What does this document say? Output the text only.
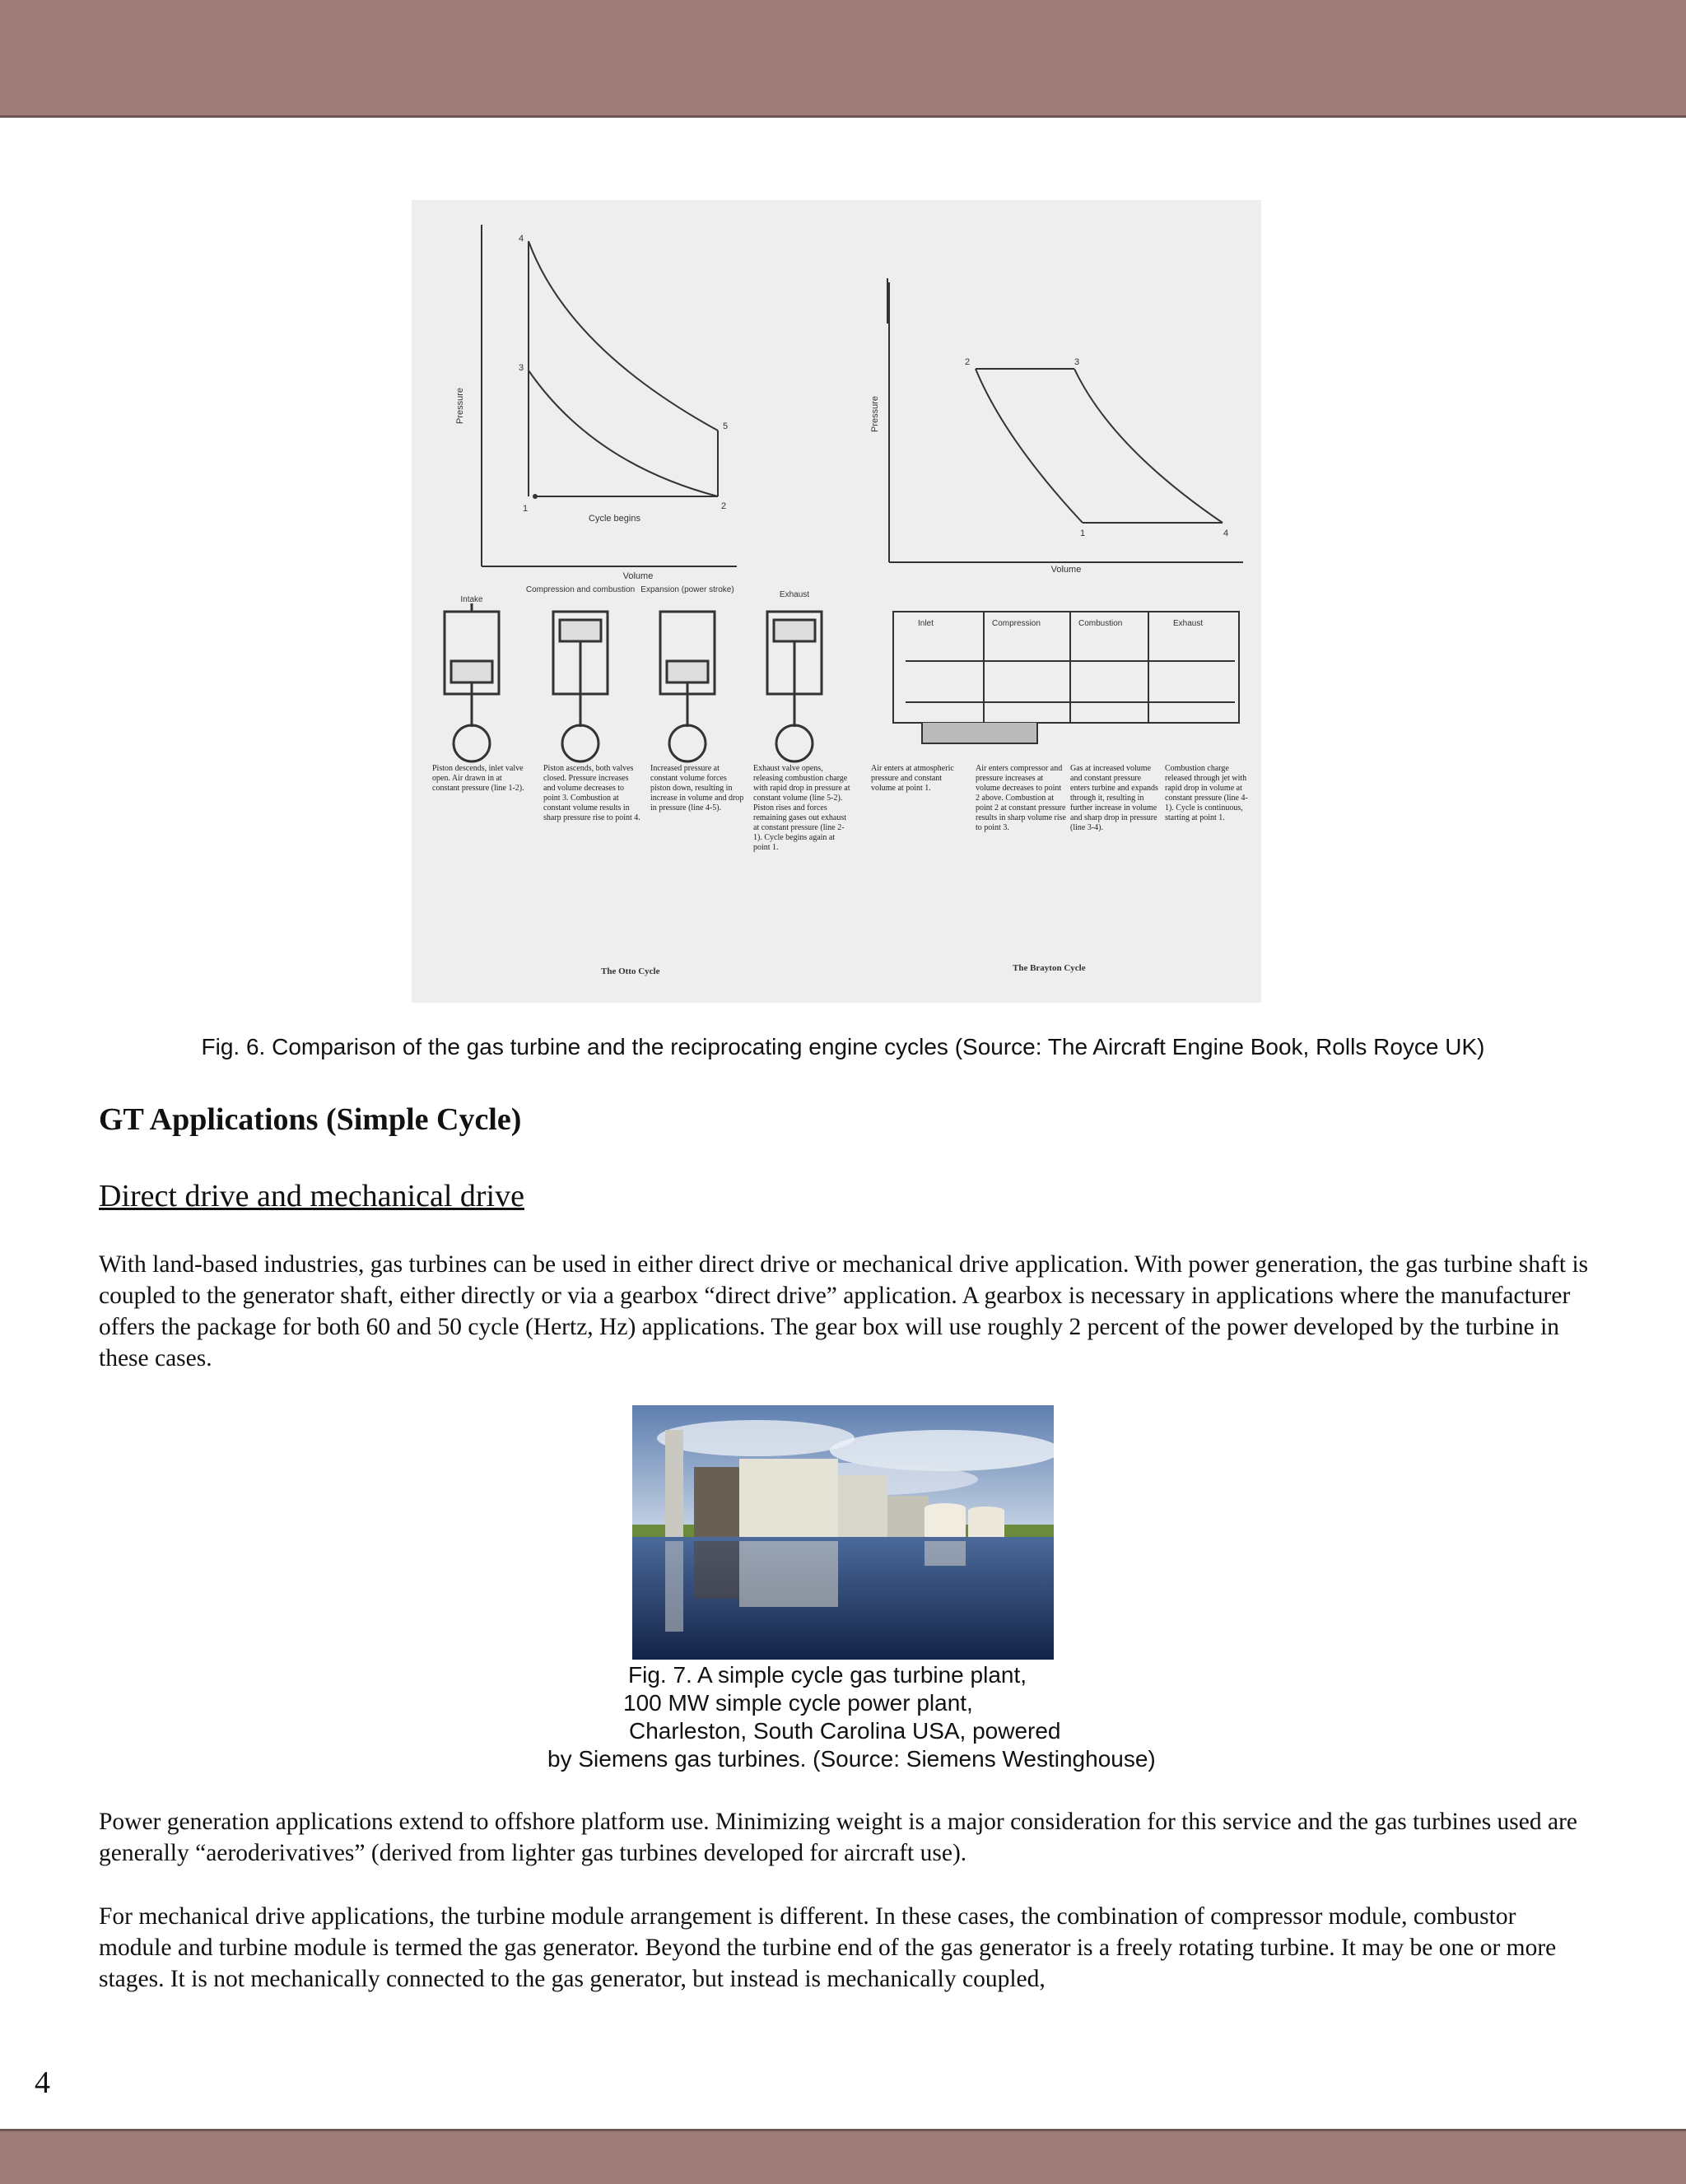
Pressure
4
3
5
1	2
Cycle begins
Volume
Pressure
2	3
1	4
Volume
Intake
Compression and combustion Expansion (power stroke)
Exhaust
Inlet	Compression	Combustion	Exhaust
Piston descends, inlet valve open. Air drawn in at constant pressure (line 1-2).
Piston ascends, both valves closed. Pressure increases and volume decreases to point 3. Combustion at constant volume results in sharp pressure rise to point 4.
Increased pressure at constant volume forces piston down, resulting in increase in volume and drop in pressure (line 4-5).
Exhaust valve opens, releasing combustion charge with rapid drop in pressure at constant volume (line 5-2). Piston rises and forces remaining gases out exhaust at constant pressure (line 2-1). Cycle begins again at point 1.
Air enters at atmospheric pressure and constant volume at point 1.
Air enters compressor and pressure increases at volume decreases to point 2 above. Combustion at point 2 at constant pressure results in sharp volume rise to point 3.
Gas at increased volume and constant pressure enters turbine and expands through it, resulting in further increase in volume and sharp drop in pressure (line 3-4).
Combustion charge released through jet with rapid drop in volume at constant pressure (line 4-1). Cycle is continuous, starting at point 1.
The Otto Cycle	The Brayton Cycle
Fig. 6. Comparison of the gas turbine and the reciprocating engine cycles (Source: The Aircraft Engine Book, Rolls Royce UK)
GT Applications (Simple Cycle)
Direct drive and mechanical drive

With land-based industries, gas turbines can be used in either direct drive or mechanical drive application. With power generation, the gas turbine shaft is coupled to the generator shaft, either directly or via a gearbox “direct drive” application. A gearbox is necessary in applications where the manufacturer offers the package for both 60 and 50 cycle (Hertz, Hz) applications. The gear box will use roughly 2 percent of the power developed by the turbine in these cases.

Fig. 7. A simple cycle gas turbine plant,
100 MW simple cycle power plant,
Charleston, South Carolina USA, powered
by Siemens gas turbines. (Source: Siemens Westinghouse)

Power generation applications extend to offshore platform use. Minimizing weight is a major consideration for this service and the gas turbines used are generally “aeroderivatives” (derived from lighter gas turbines developed for aircraft use).

For mechanical drive applications, the turbine module arrangement is different. In these cases, the combination of compressor module, combustor module and turbine module is termed the gas generator. Beyond the turbine end of the gas generator is a freely rotating turbine. It may be one or more stages. It is not mechanically connected to the gas generator, but instead is mechanically coupled,

4
